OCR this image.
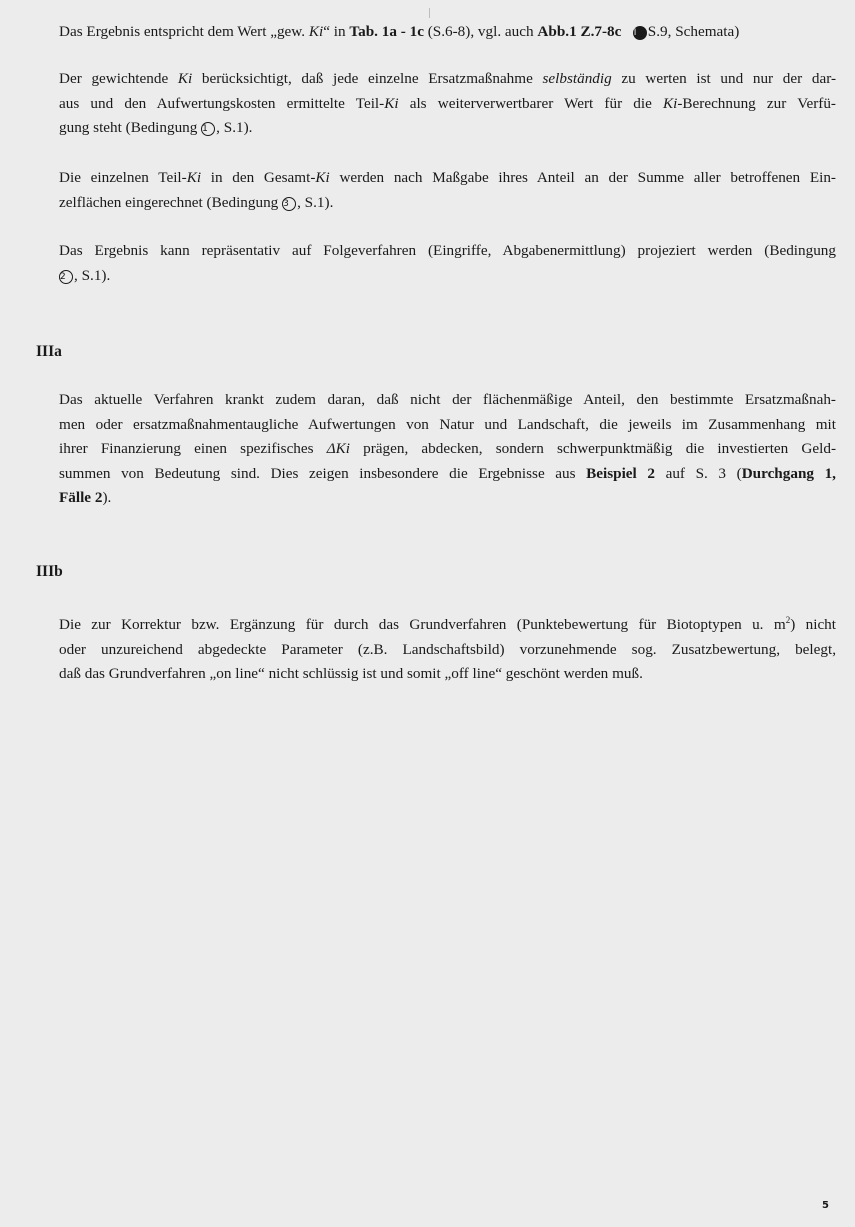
Das Ergebnis entspricht dem Wert „gew. Ki“ in Tab. 1a - 1c (S.6-8), vgl. auch Abb.1 Z.7-8c I S.9, Schemata)
Der gewichtende Ki berücksichtigt, daß jede einzelne Ersatzmaßnahme selbständig zu werten ist und nur der dar-
aus und den Aufwertungskosten ermittelte Teil-Ki als weiterverwertbarer Wert für die Ki-Berechnung zur Verfü-
gung steht (Bedingung 1 , S.1).
Die einzelnen Teil-Ki in den Gesamt-Ki werden nach Maßgabe ihres Anteil an der Summe aller betroffenen Ein-
zelflächen eingerechnet (Bedingung 3 , S.1).
Das Ergebnis kann repräsentativ auf Folgeverfahren (Eingriffe, Abgabenermittlung) projeziert werden (Bedingung
2 , S.1).
IIIa
Das aktuelle Verfahren krankt zudem daran, daß nicht der flächenmäßige Anteil, den bestimmte Ersatzmaßnah-
men oder ersatzmaßnahmentaugliche Aufwertungen von Natur und Landschaft, die jeweils im Zusammenhang mit
ihrer Finanzierung einen spezifisches ΔKi prägen, abdecken, sondern schwerpunktmäßig die investierten Geld-
summen von Bedeutung sind. Dies zeigen insbesondere die Ergebnisse aus Beispiel 2 auf S. 3 (Durchgang 1,
Fälle 2).
IIIb
Die zur Korrektur bzw. Ergänzung für durch das Grundverfahren (Punktebewertung für Biotoptypen u. $m^2$) nicht
oder unzureichend abgedeckte Parameter (z.B. Landschaftsbild) vorzunehmende sog. Zusatzbewertung, belegt,
daß das Grundverfahren „on line“ nicht schlüssig ist und somit „off line“ geschönt werden muß.
5
